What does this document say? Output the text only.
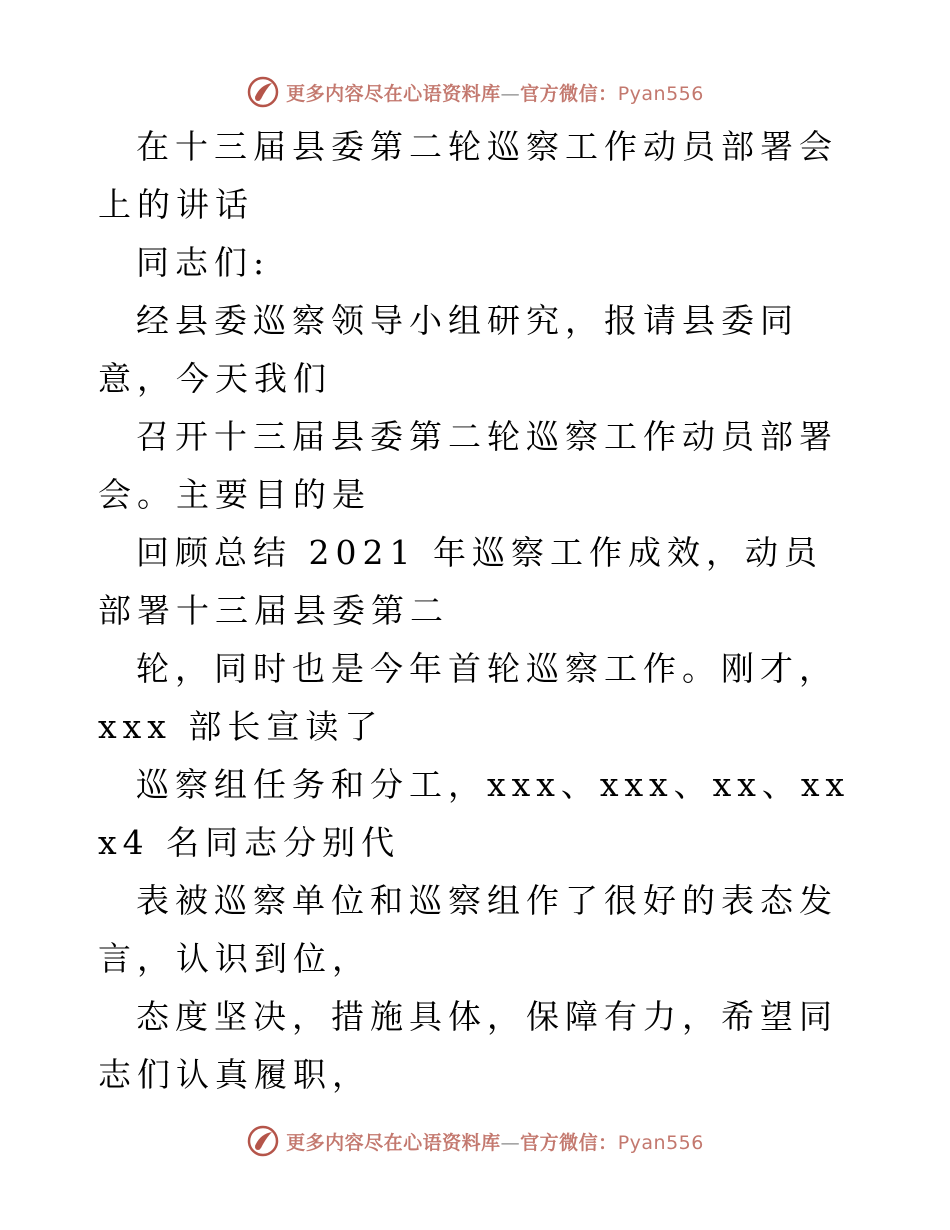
更多内容尽在心语资料库—官方微信：Pyan556

在十三届县委第二轮巡察工作动员部署会上的讲话

同志们:

经县委巡察领导小组研究，报请县委同意，今天我们

召开十三届县委第二轮巡察工作动员部署会。主要目的是

回顾总结 2021 年巡察工作成效，动员部署十三届县委第二

轮，同时也是今年首轮巡察工作。刚才，xxx 部长宣读了

巡察组任务和分工，xxx、xxx、xx、xxx4 名同志分别代

表被巡察单位和巡察组作了很好的表态发言，认识到位，

态度坚决，措施具体，保障有力，希望同志们认真履职，

更多内容尽在心语资料库—官方微信：Pyan556
